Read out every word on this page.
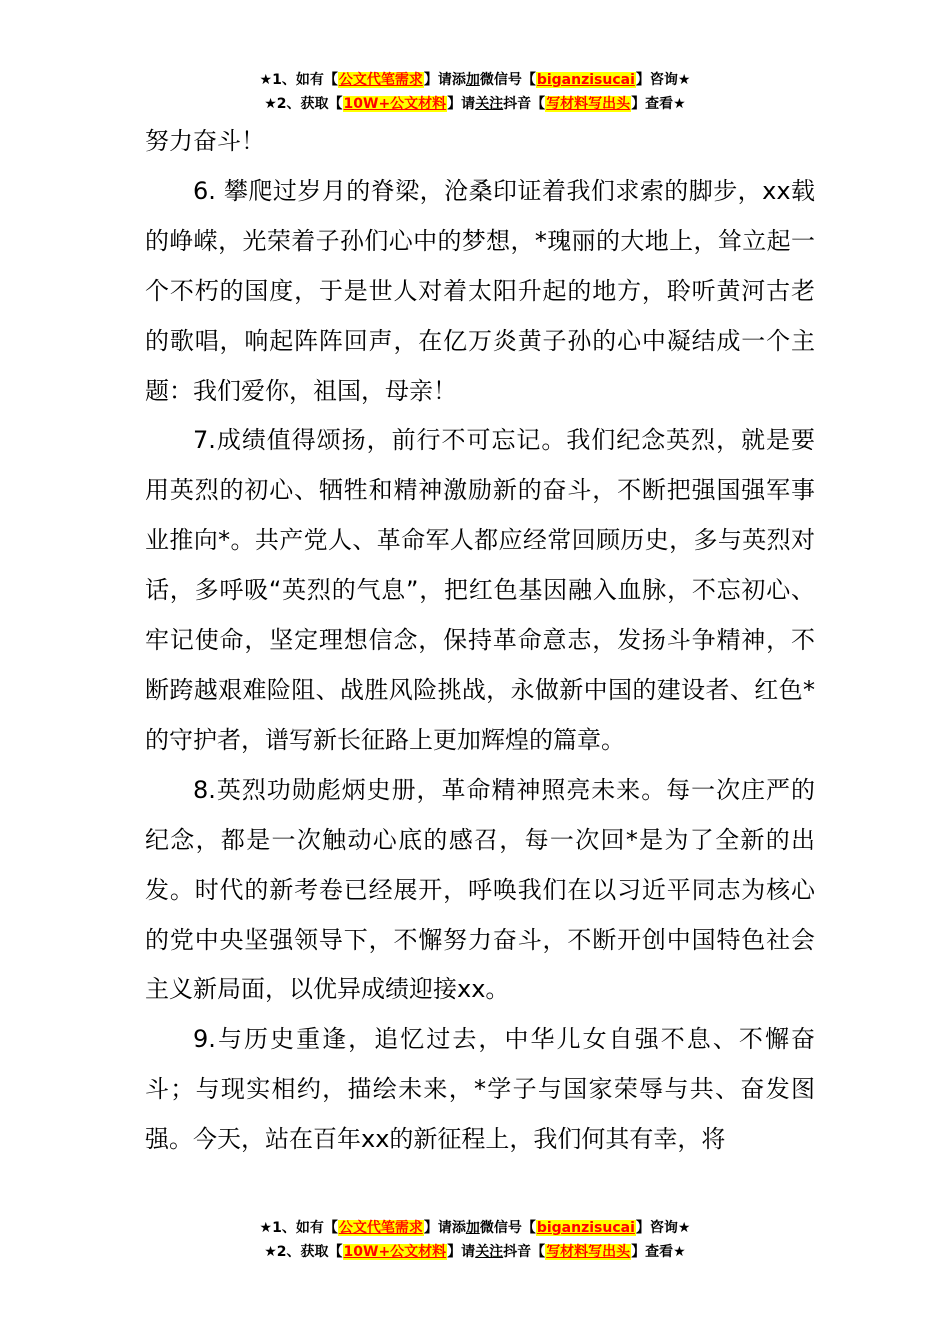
★1、如有【公文代笔需求】请添加微信号【biganzisucai】咨询★
★2、获取【10W+公文材料】请关注抖音【写材料写出头】查看★

努力奋斗！

6. 攀爬过岁月的脊梁，沧桑印证着我们求索的脚步，xx载的峥嵘，光荣着子孙们心中的梦想，*瑰丽的大地上，耸立起一个不朽的国度，于是世人对着太阳升起的地方，聆听黄河古老的歌唱，响起阵阵回声，在亿万炎黄子孙的心中凝结成一个主题：我们爱你，祖国，母亲！

7.成绩值得颂扬，前行不可忘记。我们纪念英烈，就是要用英烈的初心、牺牲和精神激励新的奋斗，不断把强国强军事业推向*。共产党人、革命军人都应经常回顾历史，多与英烈对话，多呼吸“英烈的气息”，把红色基因融入血脉，不忘初心、牢记使命，坚定理想信念，保持革命意志，发扬斗争精神，不断跨越艰难险阻、战胜风险挑战，永做新中国的建设者、红色*的守护者，谱写新长征路上更加辉煌的篇章。

8.英烈功勋彪炳史册，革命精神照亮未来。每一次庄严的纪念，都是一次触动心底的感召，每一次回*是为了全新的出发。时代的新考卷已经展开，呼唤我们在以习近平同志为核心的党中央坚强领导下，不懈努力奋斗，不断开创中国特色社会主义新局面，以优异成绩迎接xx。

9.与历史重逢，追忆过去，中华儿女自强不息、不懈奋斗；与现实相约，描绘未来，*学子与国家荣辱与共、奋发图强。今天，站在百年xx的新征程上，我们何其有幸，将

★1、如有【公文代笔需求】请添加微信号【biganzisucai】咨询★
★2、获取【10W+公文材料】请关注抖音【写材料写出头】查看★
